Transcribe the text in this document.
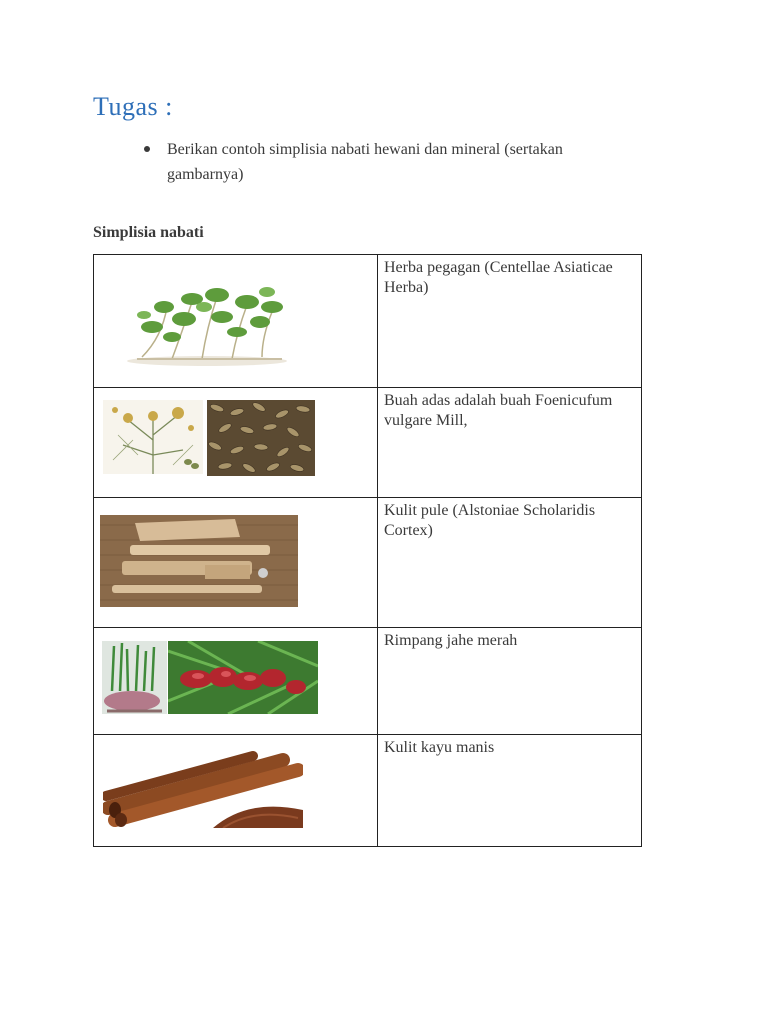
Tugas :
Berikan contoh simplisia nabati hewani dan mineral (sertakan gambarnya)

Simplisia nabati

	Herba pegagan (Centellae Asiaticae Herba)

	Buah adas adalah buah Foenicufum vulgare Mill,

	Kulit pule (Alstoniae Scholaridis Cortex)

	Rimpang jahe merah

	Kulit kayu manis
